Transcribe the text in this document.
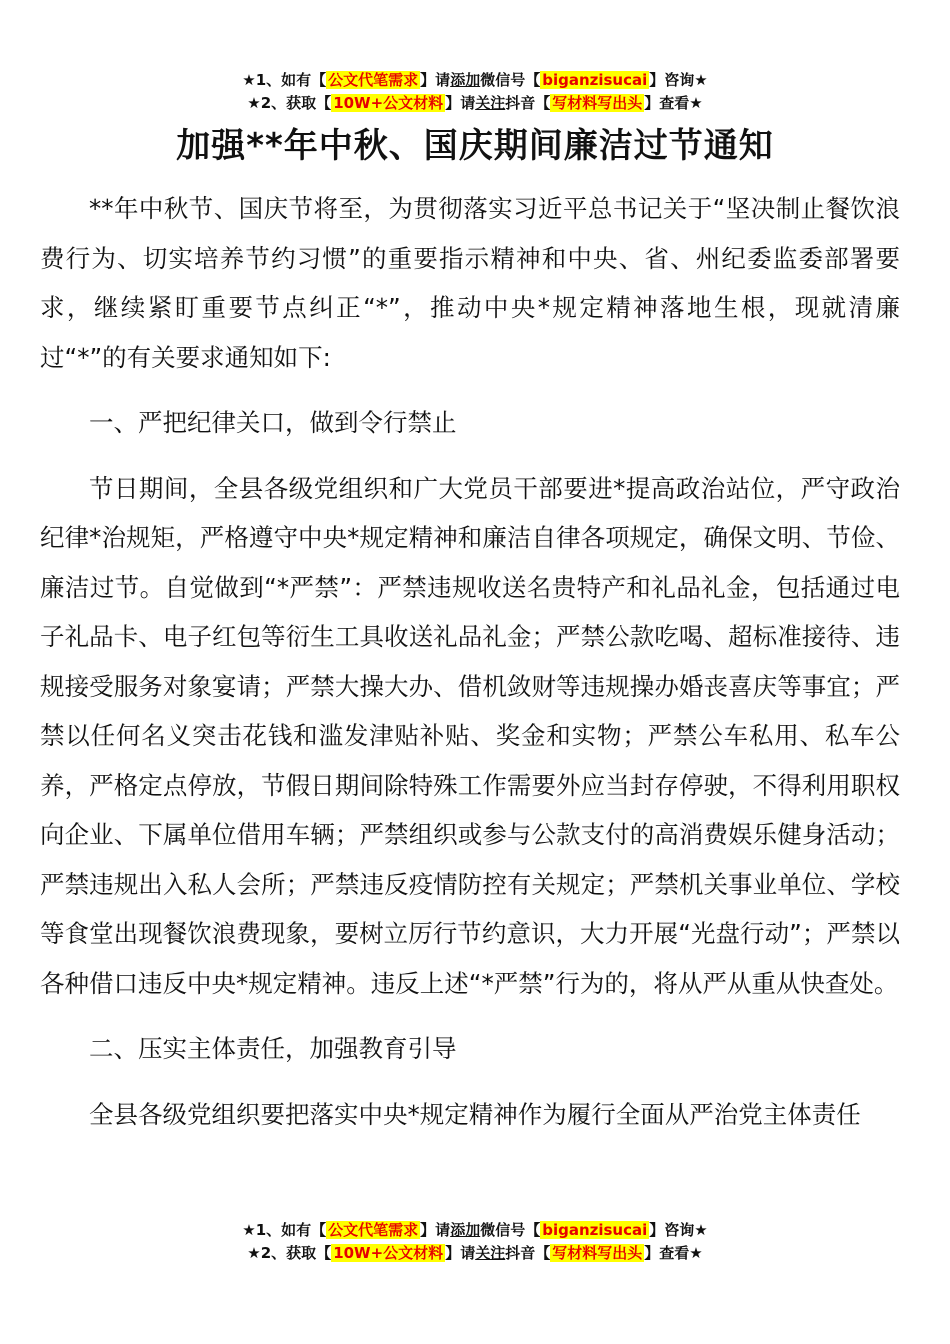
★1、如有【 公文代笔需求 】请添加微信号【 biganzisucai 】咨询★
★2、获取【 10W+公文材料 】请关注抖音【 写材料写出头 】查看★
加强**年中秋、国庆期间廉洁过节通知

**年中秋节、国庆节将至，为贯彻落实习近平总书记关于“坚决制止餐饮浪费行为、切实培养节约习惯”的重要指示精神和中央、省、州纪委监委部署要求，继续紧盯重要节点纠正“*”，推动中央*规定精神落地生根，现就清廉过“*”的有关要求通知如下:

一、严把纪律关口，做到令行禁止

节日期间，全县各级党组织和广大党员干部要进*提高政治站位，严守政治纪律*治规矩，严格遵守中央*规定精神和廉洁自律各项规定，确保文明、节俭、廉洁过节。自觉做到“*严禁”：严禁违规收送名贵特产和礼品礼金，包括通过电子礼品卡、电子红包等衍生工具收送礼品礼金；严禁公款吃喝、超标准接待、违规接受服务对象宴请；严禁大操大办、借机敛财等违规操办婚丧喜庆等事宜；严禁以任何名义突击花钱和滥发津贴补贴、奖金和实物；严禁公车私用、私车公养，严格定点停放，节假日期间除特殊工作需要外应当封存停驶，不得利用职权向企业、下属单位借用车辆；严禁组织或参与公款支付的高消费娱乐健身活动；严禁违规出入私人会所；严禁违反疫情防控有关规定；严禁机关事业单位、学校等食堂出现餐饮浪费现象，要树立厉行节约意识，大力开展“光盘行动”；严禁以各种借口违反中央*规定精神。违反上述“*严禁”行为的，将从严从重从快查处。

二、压实主体责任，加强教育引导

全县各级党组织要把落实中央*规定精神作为履行全面从严治党主体责任

★1、如有【 公文代笔需求 】请添加微信号【 biganzisucai 】咨询★
★2、获取【 10W+公文材料 】请关注抖音【 写材料写出头 】查看★
